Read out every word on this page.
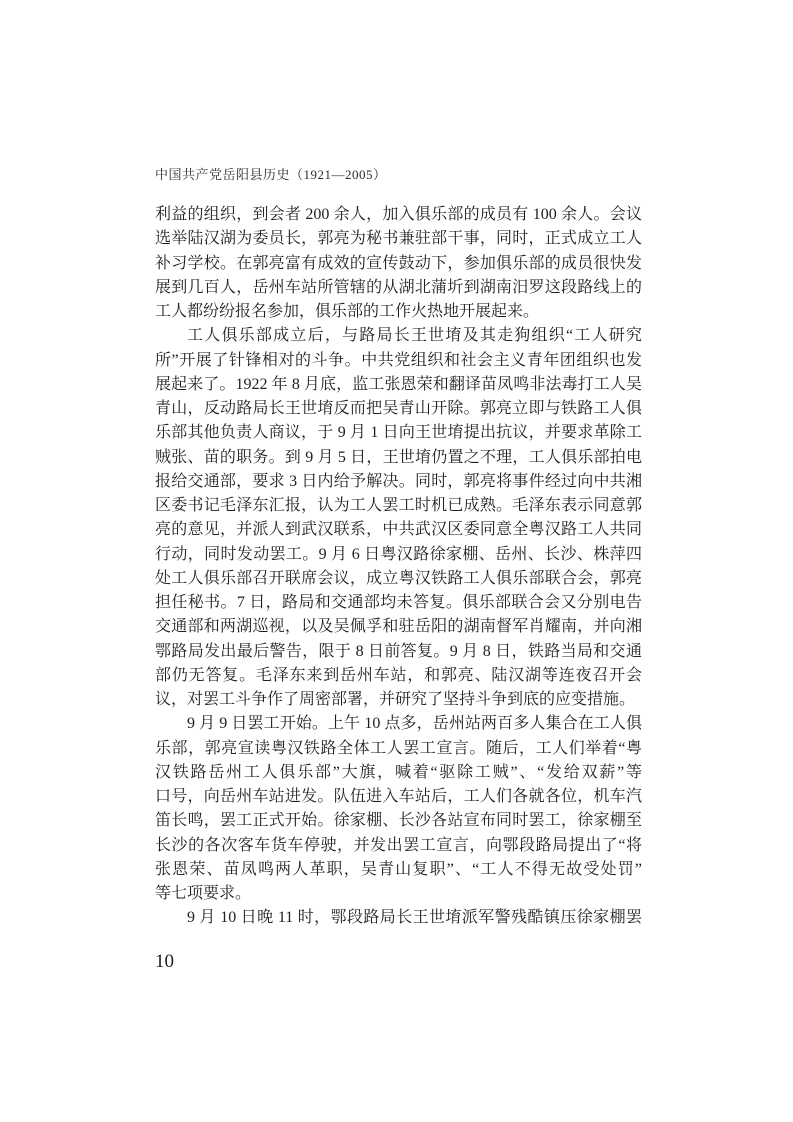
中国共产党岳阳县历史（1921—2005）
利益的组织，到会者 200 余人，加入俱乐部的成员有 100 余人。会议
选举陆汉湖为委员长，郭亮为秘书兼驻部干事，同时，正式成立工人
补习学校。在郭亮富有成效的宣传鼓动下，参加俱乐部的成员很快发
展到几百人，岳州车站所管辖的从湖北蒲圻到湖南汨罗这段路线上的
工人都纷纷报名参加，俱乐部的工作火热地开展起来。
工人俱乐部成立后，与路局长王世堉及其走狗组织“工人研究
所”开展了针锋相对的斗争。中共党组织和社会主义青年团组织也发
展起来了。1922 年 8 月底，监工张恩荣和翻译苗凤鸣非法毒打工人吴
青山，反动路局长王世堉反而把吴青山开除。郭亮立即与铁路工人俱
乐部其他负责人商议，于 9 月 1 日向王世堉提出抗议，并要求革除工
贼张、苗的职务。到 9 月 5 日，王世堉仍置之不理，工人俱乐部拍电
报给交通部，要求 3 日内给予解决。同时，郭亮将事件经过向中共湘
区委书记毛泽东汇报，认为工人罢工时机已成熟。毛泽东表示同意郭
亮的意见，并派人到武汉联系，中共武汉区委同意全粤汉路工人共同
行动，同时发动罢工。9 月 6 日粤汉路徐家棚、岳州、长沙、株萍四
处工人俱乐部召开联席会议，成立粤汉铁路工人俱乐部联合会，郭亮
担任秘书。7 日，路局和交通部均未答复。俱乐部联合会又分别电告
交通部和两湖巡视，以及吴佩孚和驻岳阳的湖南督军肖耀南，并向湘
鄂路局发出最后警告，限于 8 日前答复。9 月 8 日，铁路当局和交通
部仍无答复。毛泽东来到岳州车站，和郭亮、陆汉湖等连夜召开会
议，对罢工斗争作了周密部署，并研究了坚持斗争到底的应变措施。
9 月 9 日罢工开始。上午 10 点多，岳州站两百多人集合在工人俱
乐部，郭亮宣读粤汉铁路全体工人罢工宣言。随后，工人们举着“粤
汉铁路岳州工人俱乐部”大旗，喊着“驱除工贼”、“发给双薪”等
口号，向岳州车站进发。队伍进入车站后，工人们各就各位，机车汽
笛长鸣，罢工正式开始。徐家棚、长沙各站宣布同时罢工，徐家棚至
长沙的各次客车货车停驶，并发出罢工宣言，向鄂段路局提出了“将
张恩荣、苗凤鸣两人革职，吴青山复职”、“工人不得无故受处罚”
等七项要求。
9 月 10 日晚 11 时，鄂段路局长王世堉派军警残酷镇压徐家棚罢
10
